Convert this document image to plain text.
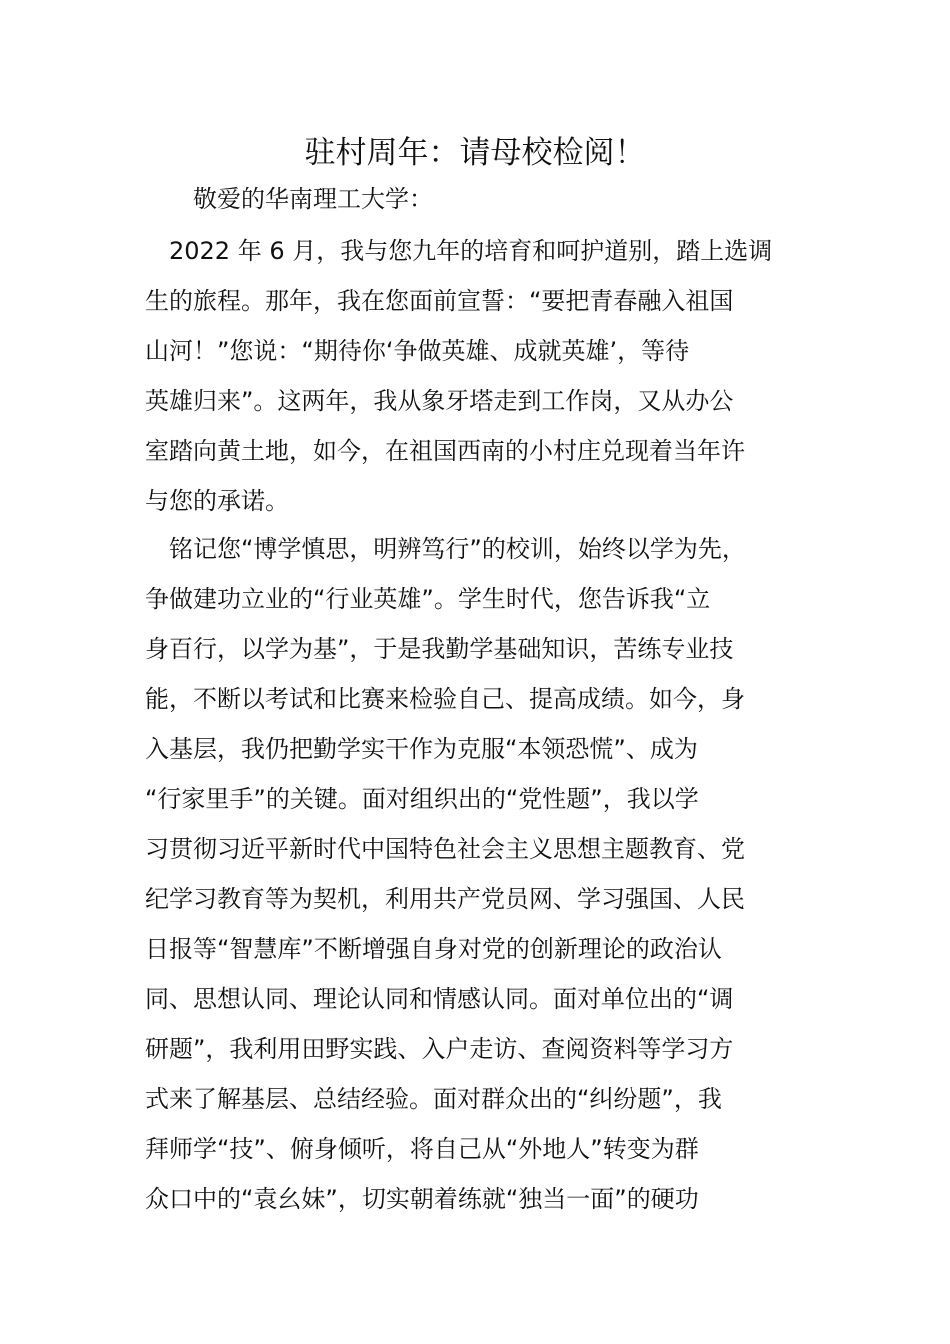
驻村周年：请母校检阅！
敬爱的华南理工大学：
2022 年 6 月，我与您九年的培育和呵护道别，踏上选调
生的旅程。那年，我在您面前宣誓：“要把青春融入祖国
山河！”您说：“期待你‘争做英雄、成就英雄’，等待
英雄归来”。这两年，我从象牙塔走到工作岗，又从办公
室踏向黄土地，如今，在祖国西南的小村庄兑现着当年许
与您的承诺。
铭记您“博学慎思，明辨笃行”的校训，始终以学为先，
争做建功立业的“行业英雄”。学生时代，您告诉我“立
身百行，以学为基”，于是我勤学基础知识，苦练专业技
能，不断以考试和比赛来检验自己、提高成绩。如今，身
入基层，我仍把勤学实干作为克服“本领恐慌”、成为
“行家里手”的关键。面对组织出的“党性题”，我以学
习贯彻习近平新时代中国特色社会主义思想主题教育、党
纪学习教育等为契机，利用共产党员网、学习强国、人民
日报等“智慧库”不断增强自身对党的创新理论的政治认
同、思想认同、理论认同和情感认同。面对单位出的“调
研题”，我利用田野实践、入户走访、查阅资料等学习方
式来了解基层、总结经验。面对群众出的“纠纷题”，我
拜师学“技”、俯身倾听，将自己从“外地人”转变为群
众口中的“袁幺妹”，切实朝着练就“独当一面”的硬功
